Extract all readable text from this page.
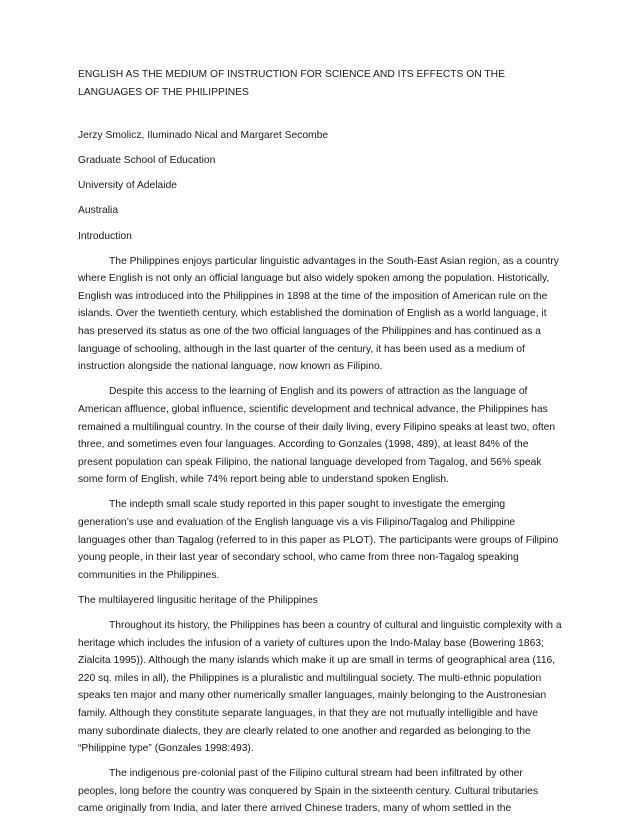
ENGLISH AS THE MEDIUM OF INSTRUCTION FOR SCIENCE AND ITS EFFECTS ON THE LANGUAGES OF THE PHILIPPINES

Jerzy Smolicz, Iluminado Nical and Margaret Secombe

Graduate School of Education

University of Adelaide

Australia

Introduction

The Philippines enjoys particular linguistic advantages in the South-East Asian region, as a country where English is not only an official language but also widely spoken among the population. Historically, English was introduced into the Philippines in 1898 at the time of the imposition of American rule on the islands. Over the twentieth century, which established the domination of English as a world language, it has preserved its status as one of the two official languages of the Philippines and has continued as a language of schooling, although in the last quarter of the century, it has been used as a medium of instruction alongside the national language, now known as Filipino.

Despite this access to the learning of English and its powers of attraction as the language of American affluence, global influence, scientific development and technical advance, the Philippines has remained a multilingual country. In the course of their daily living, every Filipino speaks at least two, often three, and sometimes even four languages. According to Gonzales (1998, 489), at least 84% of the present population can speak Filipino, the national language developed from Tagalog, and 56% speak some form of English, while 74% report being able to understand spoken English.

The indepth small scale study reported in this paper sought to investigate the emerging generation’s use and evaluation of the English language vis a vis Filipino/Tagalog and Philippine languages other than Tagalog (referred to in this paper as PLOT). The participants were groups of Filipino young people, in their last year of secondary school, who came from three non-Tagalog speaking communities in the Philippines.

The multilayered lingusitic heritage of the Philippines

Throughout its history, the Philippines has been a country of cultural and linguistic complexity with a heritage which includes the infusion of a variety of cultures upon the Indo-Malay base (Bowering 1863; Zialcita 1995)). Although the many islands which make it up are small in terms of geographical area (116, 220 sq. miles in all), the Philippines is a pluralistic and multilingual society. The multi-ethnic population speaks ten major and many other numerically smaller languages, mainly belonging to the Austronesian family. Although they constitute separate languages, in that they are not mutually intelligible and have many subordinate dialects, they are clearly related to one another and regarded as belonging to the “Philippine type” (Gonzales 1998:493).

The indigenous pre-colonial past of the Filipino cultural stream had been infiltrated by other peoples, long before the country was conquered by Spain in the sixteenth century. Cultural tributaries came originally from India, and later there arrived Chinese traders, many of whom settled in the
